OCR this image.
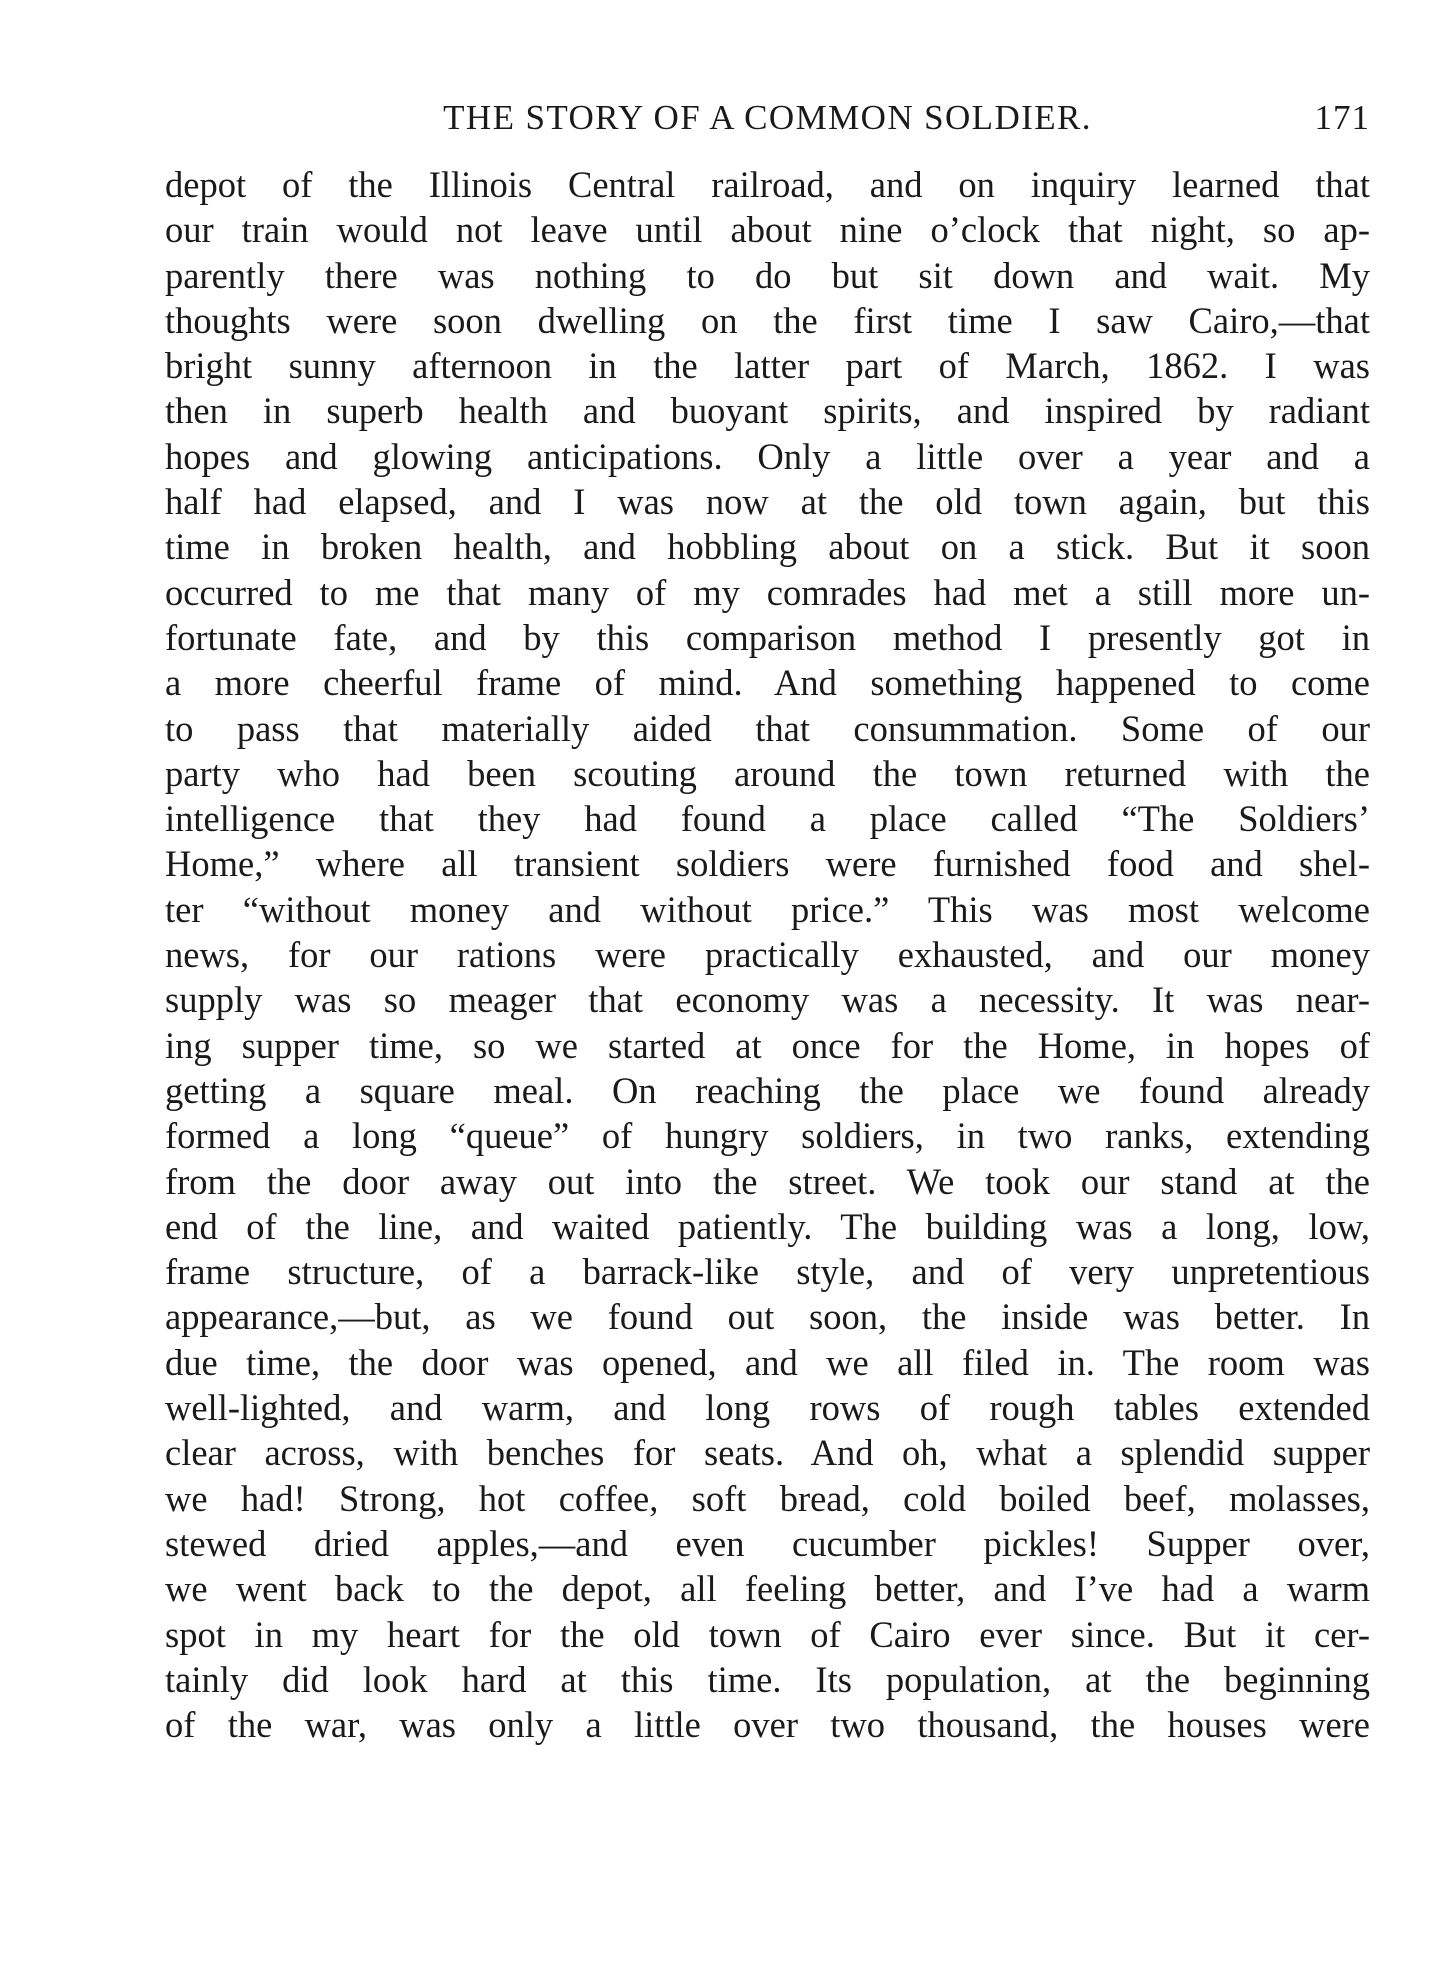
THE STORY OF A COMMON SOLDIER.	171
depot of the Illinois Central railroad, and on inquiry learned that
our train would not leave until about nine o’clock that night, so ap-
parently there was nothing to do but sit down and wait. My
thoughts were soon dwelling on the first time I saw Cairo,—that
bright sunny afternoon in the latter part of March, 1862. I was
then in superb health and buoyant spirits, and inspired by radiant
hopes and glowing anticipations. Only a little over a year and a
half had elapsed, and I was now at the old town again, but this
time in broken health, and hobbling about on a stick. But it soon
occurred to me that many of my comrades had met a still more un-
fortunate fate, and by this comparison method I presently got in
a more cheerful frame of mind. And something happened to come
to pass that materially aided that consummation. Some of our
party who had been scouting around the town returned with the
intelligence that they had found a place called “The Soldiers’
Home,” where all transient soldiers were furnished food and shel-
ter “without money and without price.” This was most welcome
news, for our rations were practically exhausted, and our money
supply was so meager that economy was a necessity. It was near-
ing supper time, so we started at once for the Home, in hopes of
getting a square meal. On reaching the place we found already
formed a long “queue” of hungry soldiers, in two ranks, extending
from the door away out into the street. We took our stand at the
end of the line, and waited patiently. The building was a long, low,
frame structure, of a barrack-like style, and of very unpretentious
appearance,—but, as we found out soon, the inside was better. In
due time, the door was opened, and we all filed in. The room was
well-lighted, and warm, and long rows of rough tables extended
clear across, with benches for seats. And oh, what a splendid supper
we had! Strong, hot coffee, soft bread, cold boiled beef, molasses,
stewed dried apples,—and even cucumber pickles! Supper over,
we went back to the depot, all feeling better, and I’ve had a warm
spot in my heart for the old town of Cairo ever since. But it cer-
tainly did look hard at this time. Its population, at the beginning
of the war, was only a little over two thousand, the houses were
